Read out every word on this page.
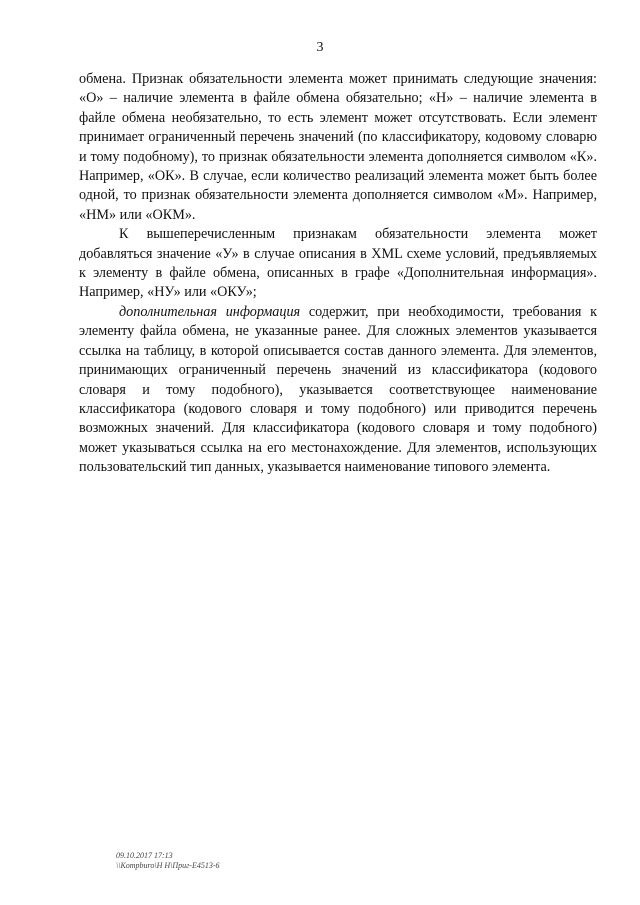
3

обмена. Признак обязательности элемента может принимать следующие значения: «О» – наличие элемента в файле обмена обязательно; «Н» – наличие элемента в файле обмена необязательно, то есть элемент может отсутствовать. Если элемент принимает ограниченный перечень значений (по классификатору, кодовому словарю и тому подобному), то признак обязательности элемента дополняется символом «К». Например, «ОК». В случае, если количество реализаций элемента может быть более одной, то признак обязательности элемента дополняется символом «М». Например, «НМ» или «ОКМ».

К вышеперечисленным признакам обязательности элемента может добавляться значение «У» в случае описания в XML схеме условий, предъявляемых к элементу в файле обмена, описанных в графе «Дополнительная информация». Например, «НУ» или «ОКУ»;

дополнительная информация содержит, при необходимости, требования к элементу файла обмена, не указанные ранее. Для сложных элементов указывается ссылка на таблицу, в которой описывается состав данного элемента. Для элементов, принимающих ограниченный перечень значений из классификатора (кодового словаря и тому подобного), указывается соответствующее наименование классификатора (кодового словаря и тому подобного) или приводится перечень возможных значений. Для классификатора (кодового словаря и тому подобного) может указываться ссылка на его местонахождение. Для элементов, использующих пользовательский тип данных, указывается наименование типового элемента.

09.10.2017 17:13
\\Kompburo\Н Н\Приг-Е4513-6
